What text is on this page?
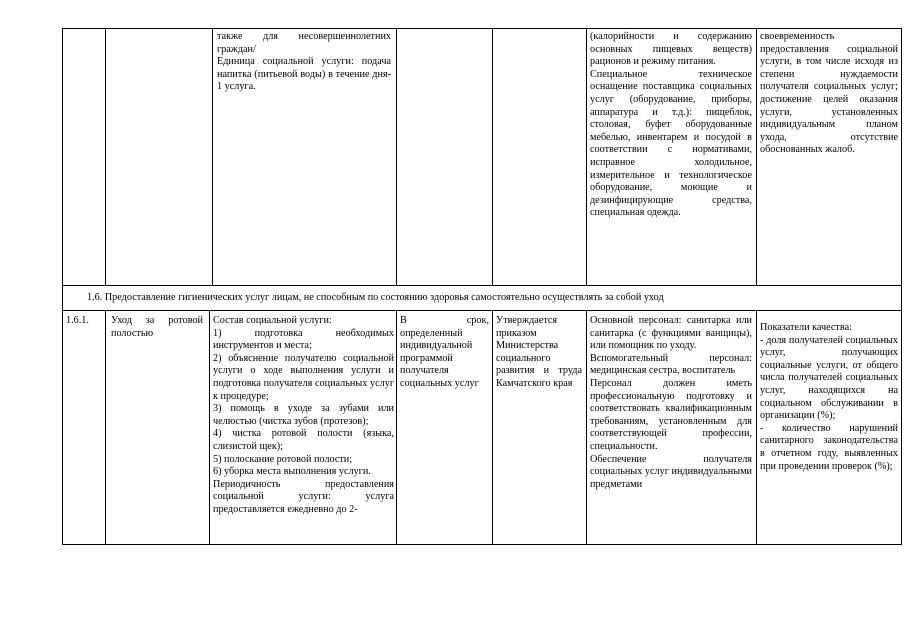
также для несовершеннолетних граждан/
Единица социальной услуги: подача напитка (питьевой воды) в течение дня- 1 услуга.
(калорийности и содержанию основных пищевых веществ) рационов и режиму питания.
Специальное техническое оснащение поставщика социальных услуг (оборудование, приборы, аппаратура и т.д.): пищеблок, столовая, буфет оборудованные мебелью, инвентарем и посудой в соответствии с нормативами, исправное холодильное, измерительное и технологическое оборудование, моющие и дезинфицирующие средства, специальная одежда.
своевременность предоставления социальной услуги, в том числе исходя из степени нуждаемости получателя социальных услуг; достижение целей оказания услуги, установленных индивидуальным планом ухода, отсутствие обоснованных жалоб.
1.6. Предоставление гигиенических услуг лицам, не способным по состоянию здоровья самостоятельно осуществлять за собой уход
1.6.1.	Уход за ротовой полостью
Состав социальной услуги:
1) подготовка необходимых инструментов и места;
2) объяснение получателю социальной услуги о ходе выполнения услуги и подготовка получателя социальных услуг к процедуре;
3) помощь в уходе за зубами или челюстью (чистка зубов (протезов);
4) чистка ротовой полости (языка, слизистой щек);
5) полоскание ротовой полости;
6) уборка места выполнения услуги.
Периодичность предоставления социальной услуги: услуга предоставляется ежедневно до 2-
В срок, определенный индивидуальной программой получателя социальных услуг
Утверждается приказом Министерства социального развития и труда Камчатского края
Основной персонал: санитарка или санитарка (с функциями ванщицы), или помощник по уходу.
Вспомогательный персонал: медицинская сестра, воспитатель
Персонал должен иметь профессиональную подготовку и соответствовать квалификационным требованиям, установленным для соответствующей профессии, специальности.
Обеспечение получателя социальных услуг индивидуальными предметами
Показатели качества:
- доля получателей социальных услуг, получающих социальные услуги, от общего числа получателей социальных услуг, находящихся на социальном обслуживании в организации (%);
- количество нарушений санитарного законодательства в отчетном году, выявленных при проведении проверок (%);
